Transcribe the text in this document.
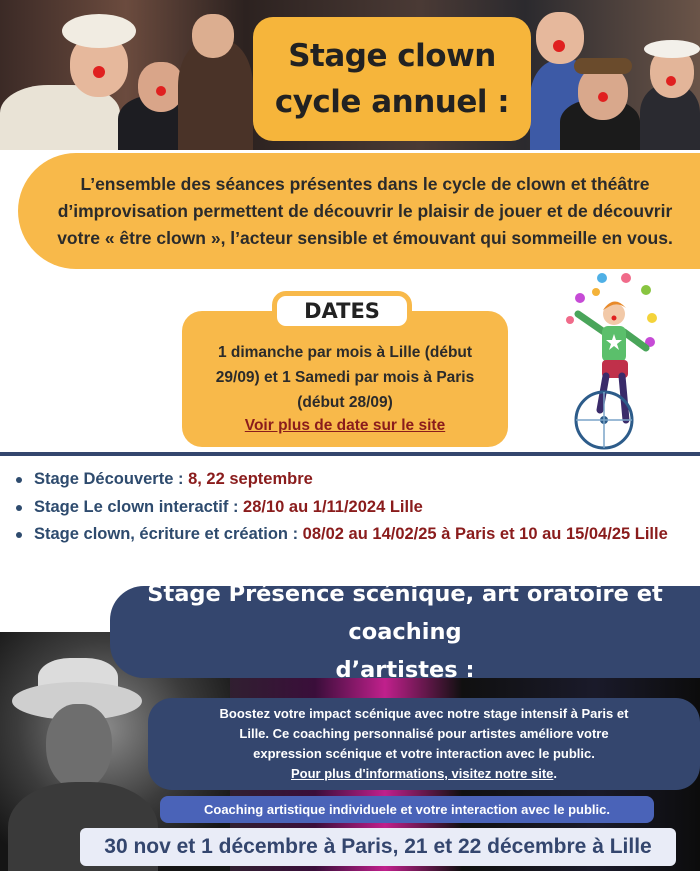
Stage clown
cycle annuel :
L’ensemble des séances présentes dans le cycle de clown et théâtre d’improvisation permettent de découvrir le plaisir de jouer et de découvrir votre « être clown », l’acteur sensible et émouvant qui sommeille en vous.
DATES
1 dimanche par mois à Lille (début
29/09) et 1 Samedi par mois à Paris
(début 28/09)
Voir plus de date sur le site
Stage Découverte : 8, 22 septembre
Stage Le clown interactif : 28/10 au 1/11/2024 Lille
Stage clown, écriture et création : 08/02 au 14/02/25 à Paris et 10 au 15/04/25 Lille
Stage Présence scénique, art oratoire et coaching
d’artistes :
Boostez votre impact scénique avec notre stage intensif à Paris et
Lille. Ce coaching personnalisé pour artistes améliore votre
expression scénique et votre interaction avec le public.
Pour plus d'informations, visitez notre site.
Coaching artistique individuele et votre interaction avec le public.
30 nov et 1 décembre à Paris, 21 et 22 décembre à Lille
